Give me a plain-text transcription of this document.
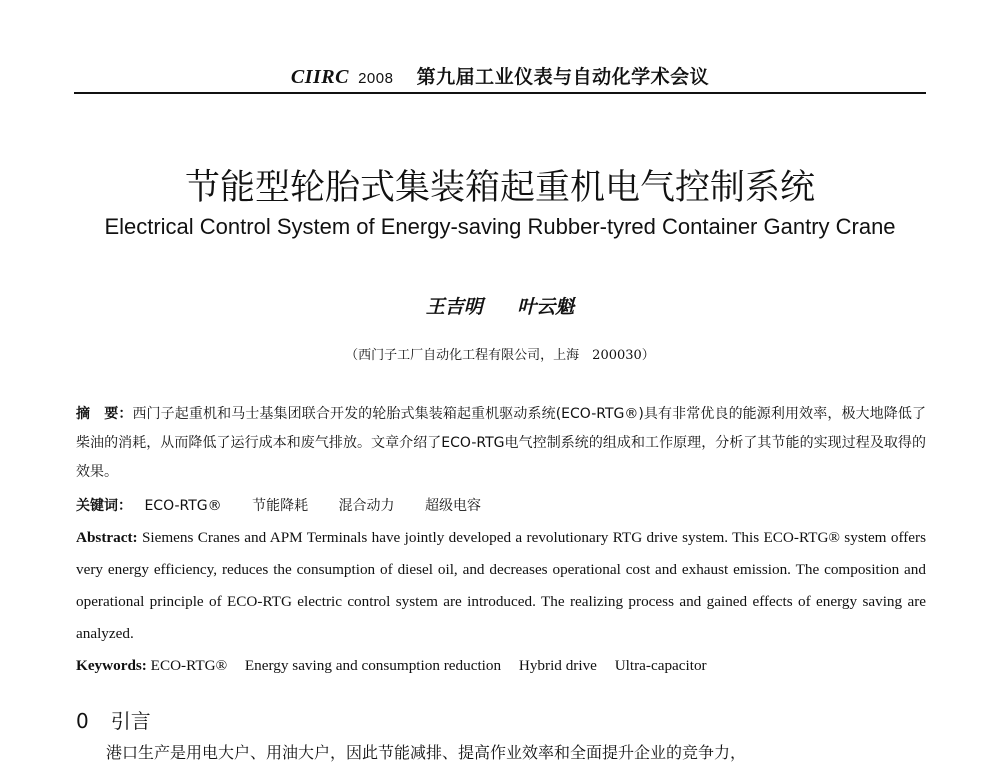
CIIRC 2008 第九届工业仪表与自动化学术会议
节能型轮胎式集装箱起重机电气控制系统
Electrical Control System of Energy-saving Rubber-tyred Container Gantry Crane
王吉明 叶云魁
（西门子工厂自动化工程有限公司，上海　200030）
摘　要：西门子起重机和马士基集团联合开发的轮胎式集装箱起重机驱动系统(ECO-RTG®)具有非常优良的能源利用效率，极大地降低了柴油的消耗，从而降低了运行成本和废气排放。文章介绍了ECO-RTG电气控制系统的组成和工作原理，分析了其节能的实现过程及取得的效果。
关键词： ECO-RTG® 节能降耗 混合动力 超级电容
Abstract: Siemens Cranes and APM Terminals have jointly developed a revolutionary RTG drive system. This ECO-RTG® system offers very energy efficiency, reduces the consumption of diesel oil, and decreases operational cost and exhaust emission. The composition and operational principle of ECO-RTG electric control system are introduced. The realizing process and gained effects of energy saving are analyzed.
Keywords: ECO-RTG® Energy saving and consumption reduction Hybrid drive Ultra-capacitor
0 引言
港口生产是用电大户、用油大户，因此节能减排、提高作业效率和全面提升企业的竞争力，
